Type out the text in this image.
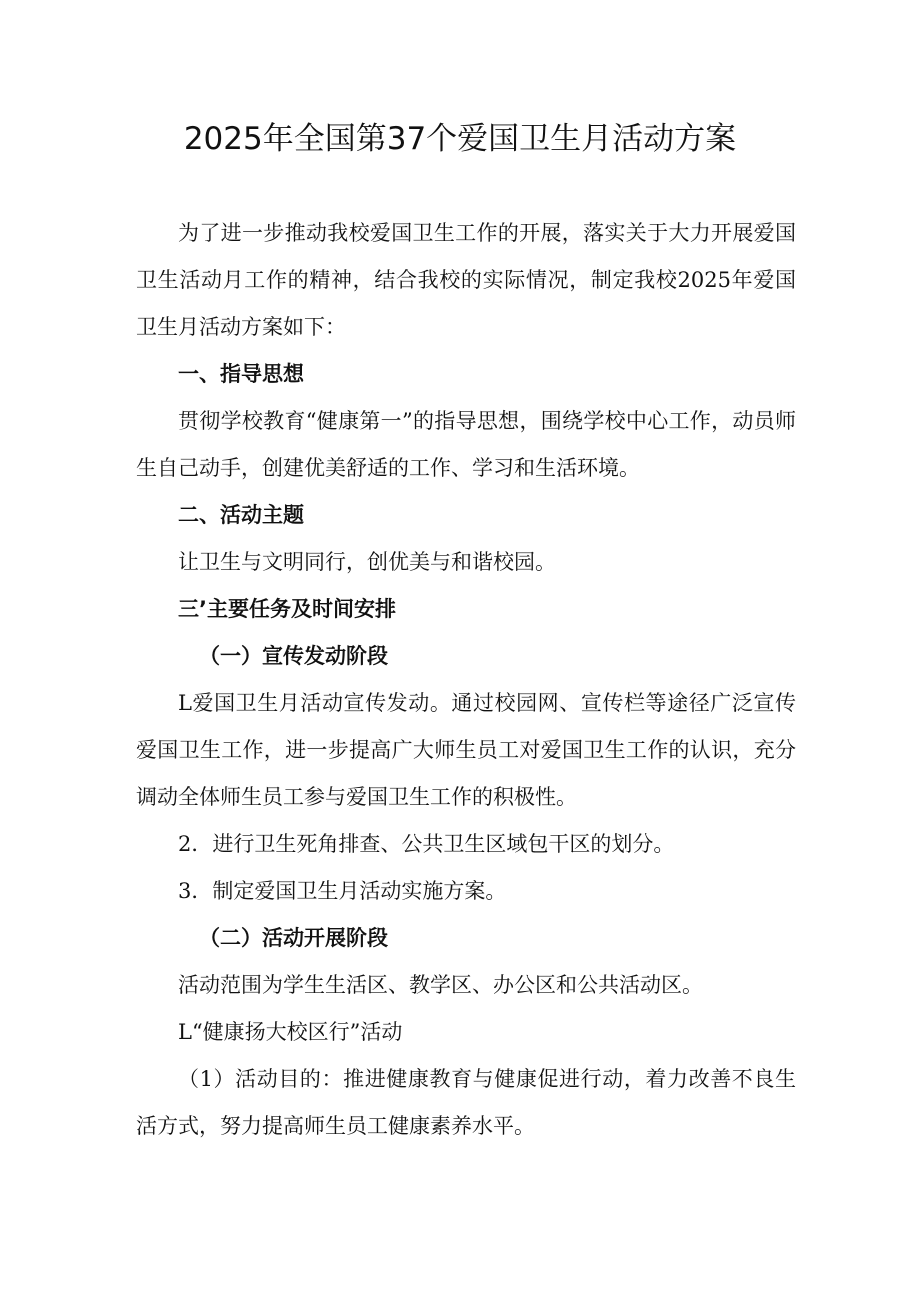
2025年全国第37个爱国卫生月活动方案

为了进一步推动我校爱国卫生工作的开展，落实关于大力开展爱国卫生活动月工作的精神，结合我校的实际情况，制定我校2025年爱国卫生月活动方案如下：

一、指导思想

贯彻学校教育“健康第一”的指导思想，围绕学校中心工作，动员师生自己动手，创建优美舒适的工作、学习和生活环境。

二、活动主题

让卫生与文明同行，创优美与和谐校园。

三’主要任务及时间安排

（一）宣传发动阶段

L爱国卫生月活动宣传发动。通过校园网、宣传栏等途径广泛宣传爱国卫生工作，进一步提高广大师生员工对爱国卫生工作的认识，充分调动全体师生员工参与爱国卫生工作的积极性。

2．进行卫生死角排查、公共卫生区域包干区的划分。

3．制定爱国卫生月活动实施方案。

（二）活动开展阶段

活动范围为学生生活区、教学区、办公区和公共活动区。

L“健康扬大校区行”活动

（1）活动目的：推进健康教育与健康促进行动，着力改善不良生活方式，努力提高师生员工健康素养水平。
